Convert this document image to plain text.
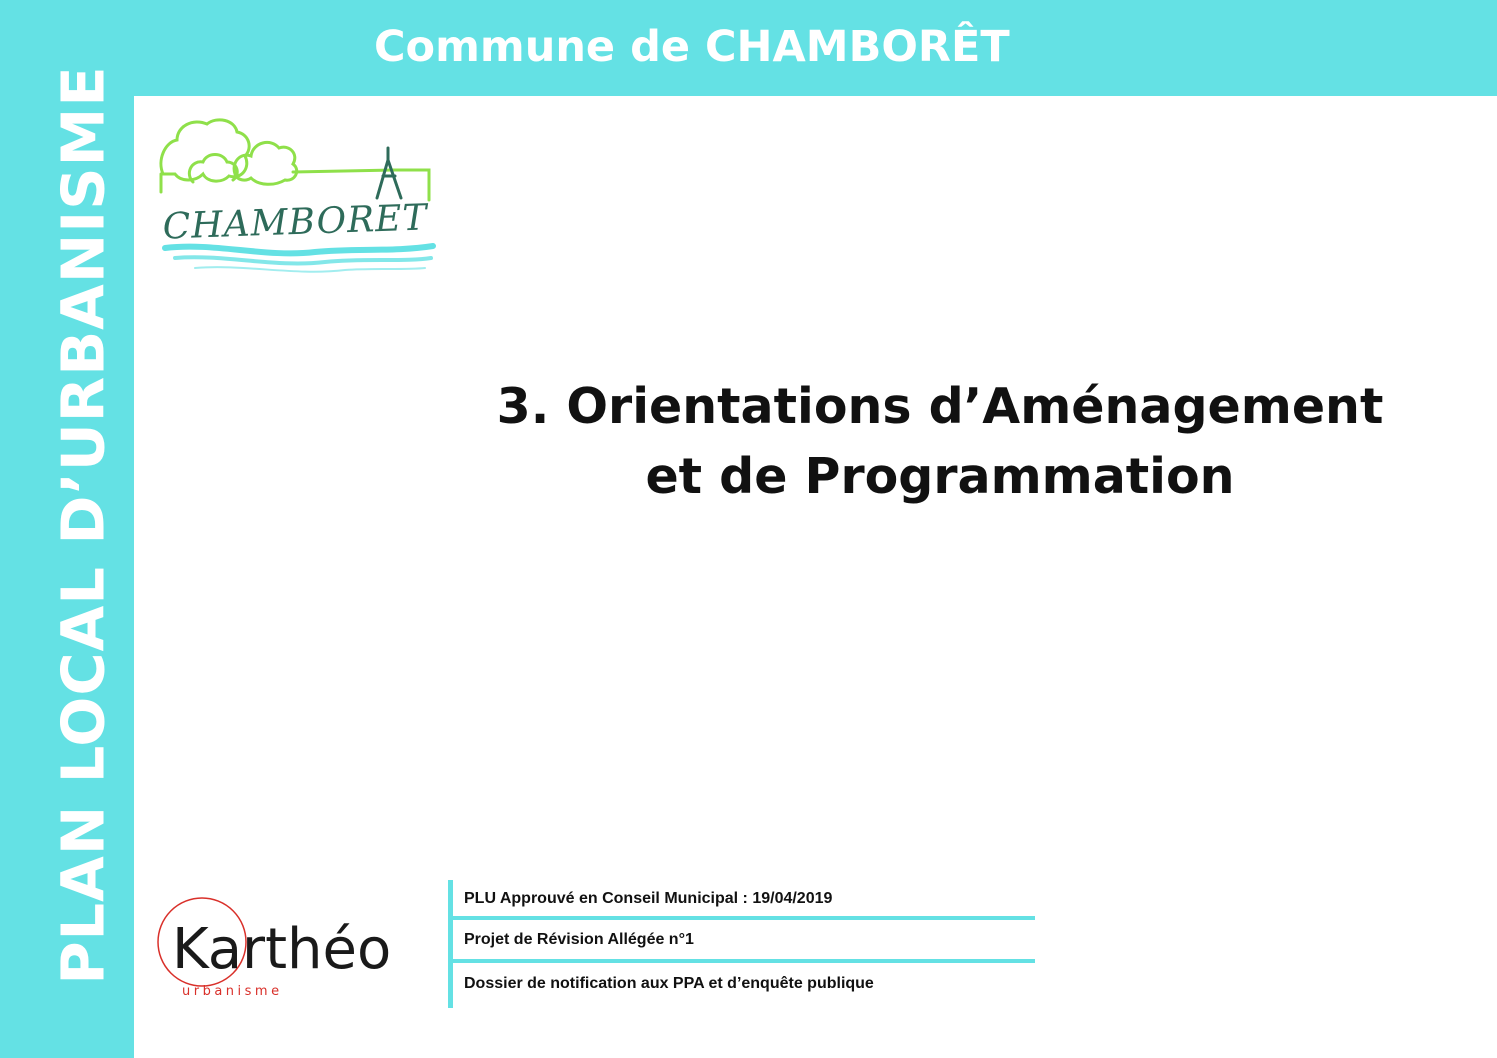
PLAN LOCAL D’URBANISME
Commune de CHAMBORÊT
CHAMBORET
3. Orientations d’Aménagement
et de Programmation
Karthéo
urbanisme
PLU Approuvé en Conseil Municipal : 19/04/2019
Projet de Révision Allégée n°1
Dossier de notification aux PPA et d’enquête publique
